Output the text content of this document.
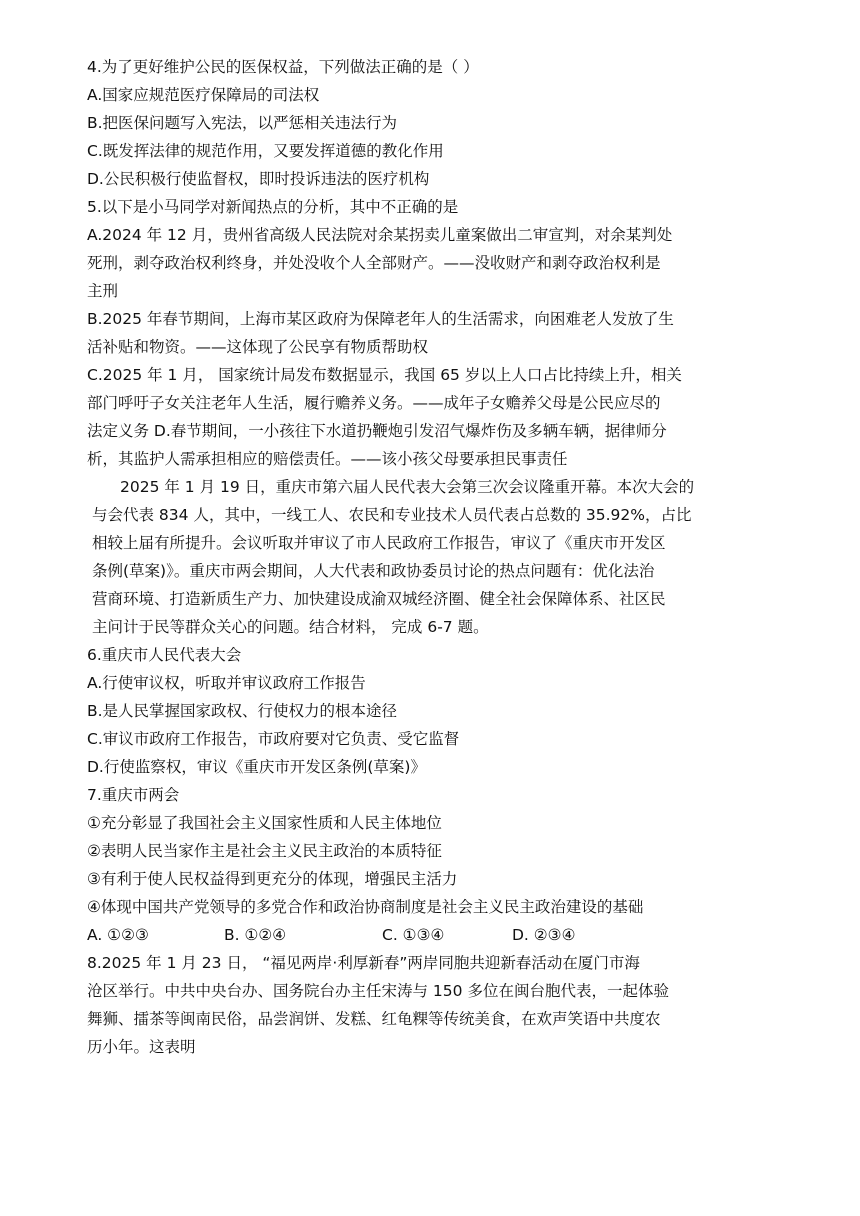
4.为了更好维护公民的医保权益，下列做法正确的是（ ）
A.国家应规范医疗保障局的司法权
B.把医保问题写入宪法，以严惩相关违法行为
C.既发挥法律的规范作用，又要发挥道德的教化作用
D.公民积极行使监督权，即时投诉违法的医疗机构
5.以下是小马同学对新闻热点的分析，其中不正确的是
A.2024 年 12 月，贵州省高级人民法院对余某拐卖儿童案做出二审宣判，对余某判处
死刑，剥夺政治权利终身，并处没收个人全部财产。——没收财产和剥夺政治权利是
主刑
B.2025 年春节期间，上海市某区政府为保障老年人的生活需求，向困难老人发放了生
活补贴和物资。——这体现了公民享有物质帮助权
C.2025 年 1 月， 国家统计局发布数据显示，我国 65 岁以上人口占比持续上升，相关
部门呼吁子女关注老年人生活，履行赡养义务。——成年子女赡养父母是公民应尽的
法定义务 D.春节期间，一小孩往下水道扔鞭炮引发沼气爆炸伤及多辆车辆，据律师分
析，其监护人需承担相应的赔偿责任。——该小孩父母要承担民事责任
2025 年 1 月 19 日，重庆市第六届人民代表大会第三次会议隆重开幕。本次大会的
与会代表 834 人，其中，一线工人、农民和专业技术人员代表占总数的 35.92%，占比
相较上届有所提升。会议听取并审议了市人民政府工作报告，审议了《重庆市开发区
条例(草案)》。重庆市两会期间，人大代表和政协委员讨论的热点问题有：优化法治
营商环境、打造新质生产力、加快建设成渝双城经济圈、健全社会保障体系、社区民
主问计于民等群众关心的问题。结合材料， 完成 6-7 题。
6.重庆市人民代表大会
A.行使审议权，听取并审议政府工作报告
B.是人民掌握国家政权、行使权力的根本途径
C.审议市政府工作报告，市政府要对它负责、受它监督
D.行使监察权，审议《重庆市开发区条例(草案)》
7.重庆市两会
①充分彰显了我国社会主义国家性质和人民主体地位
②表明人民当家作主是社会主义民主政治的本质特征
③有利于使人民权益得到更充分的体现，增强民主活力
④体现中国共产党领导的多党合作和政治协商制度是社会主义民主政治建设的基础
A. ①②③	B. ①②④	C. ①③④	D. ②③④
8.2025 年 1 月 23 日， “福见两岸·利厚新春”两岸同胞共迎新春活动在厦门市海
沧区举行。中共中央台办、国务院台办主任宋涛与 150 多位在闽台胞代表，一起体验
舞狮、擂茶等闽南民俗，品尝润饼、发糕、红龟粿等传统美食，在欢声笑语中共度农
历小年。这表明
